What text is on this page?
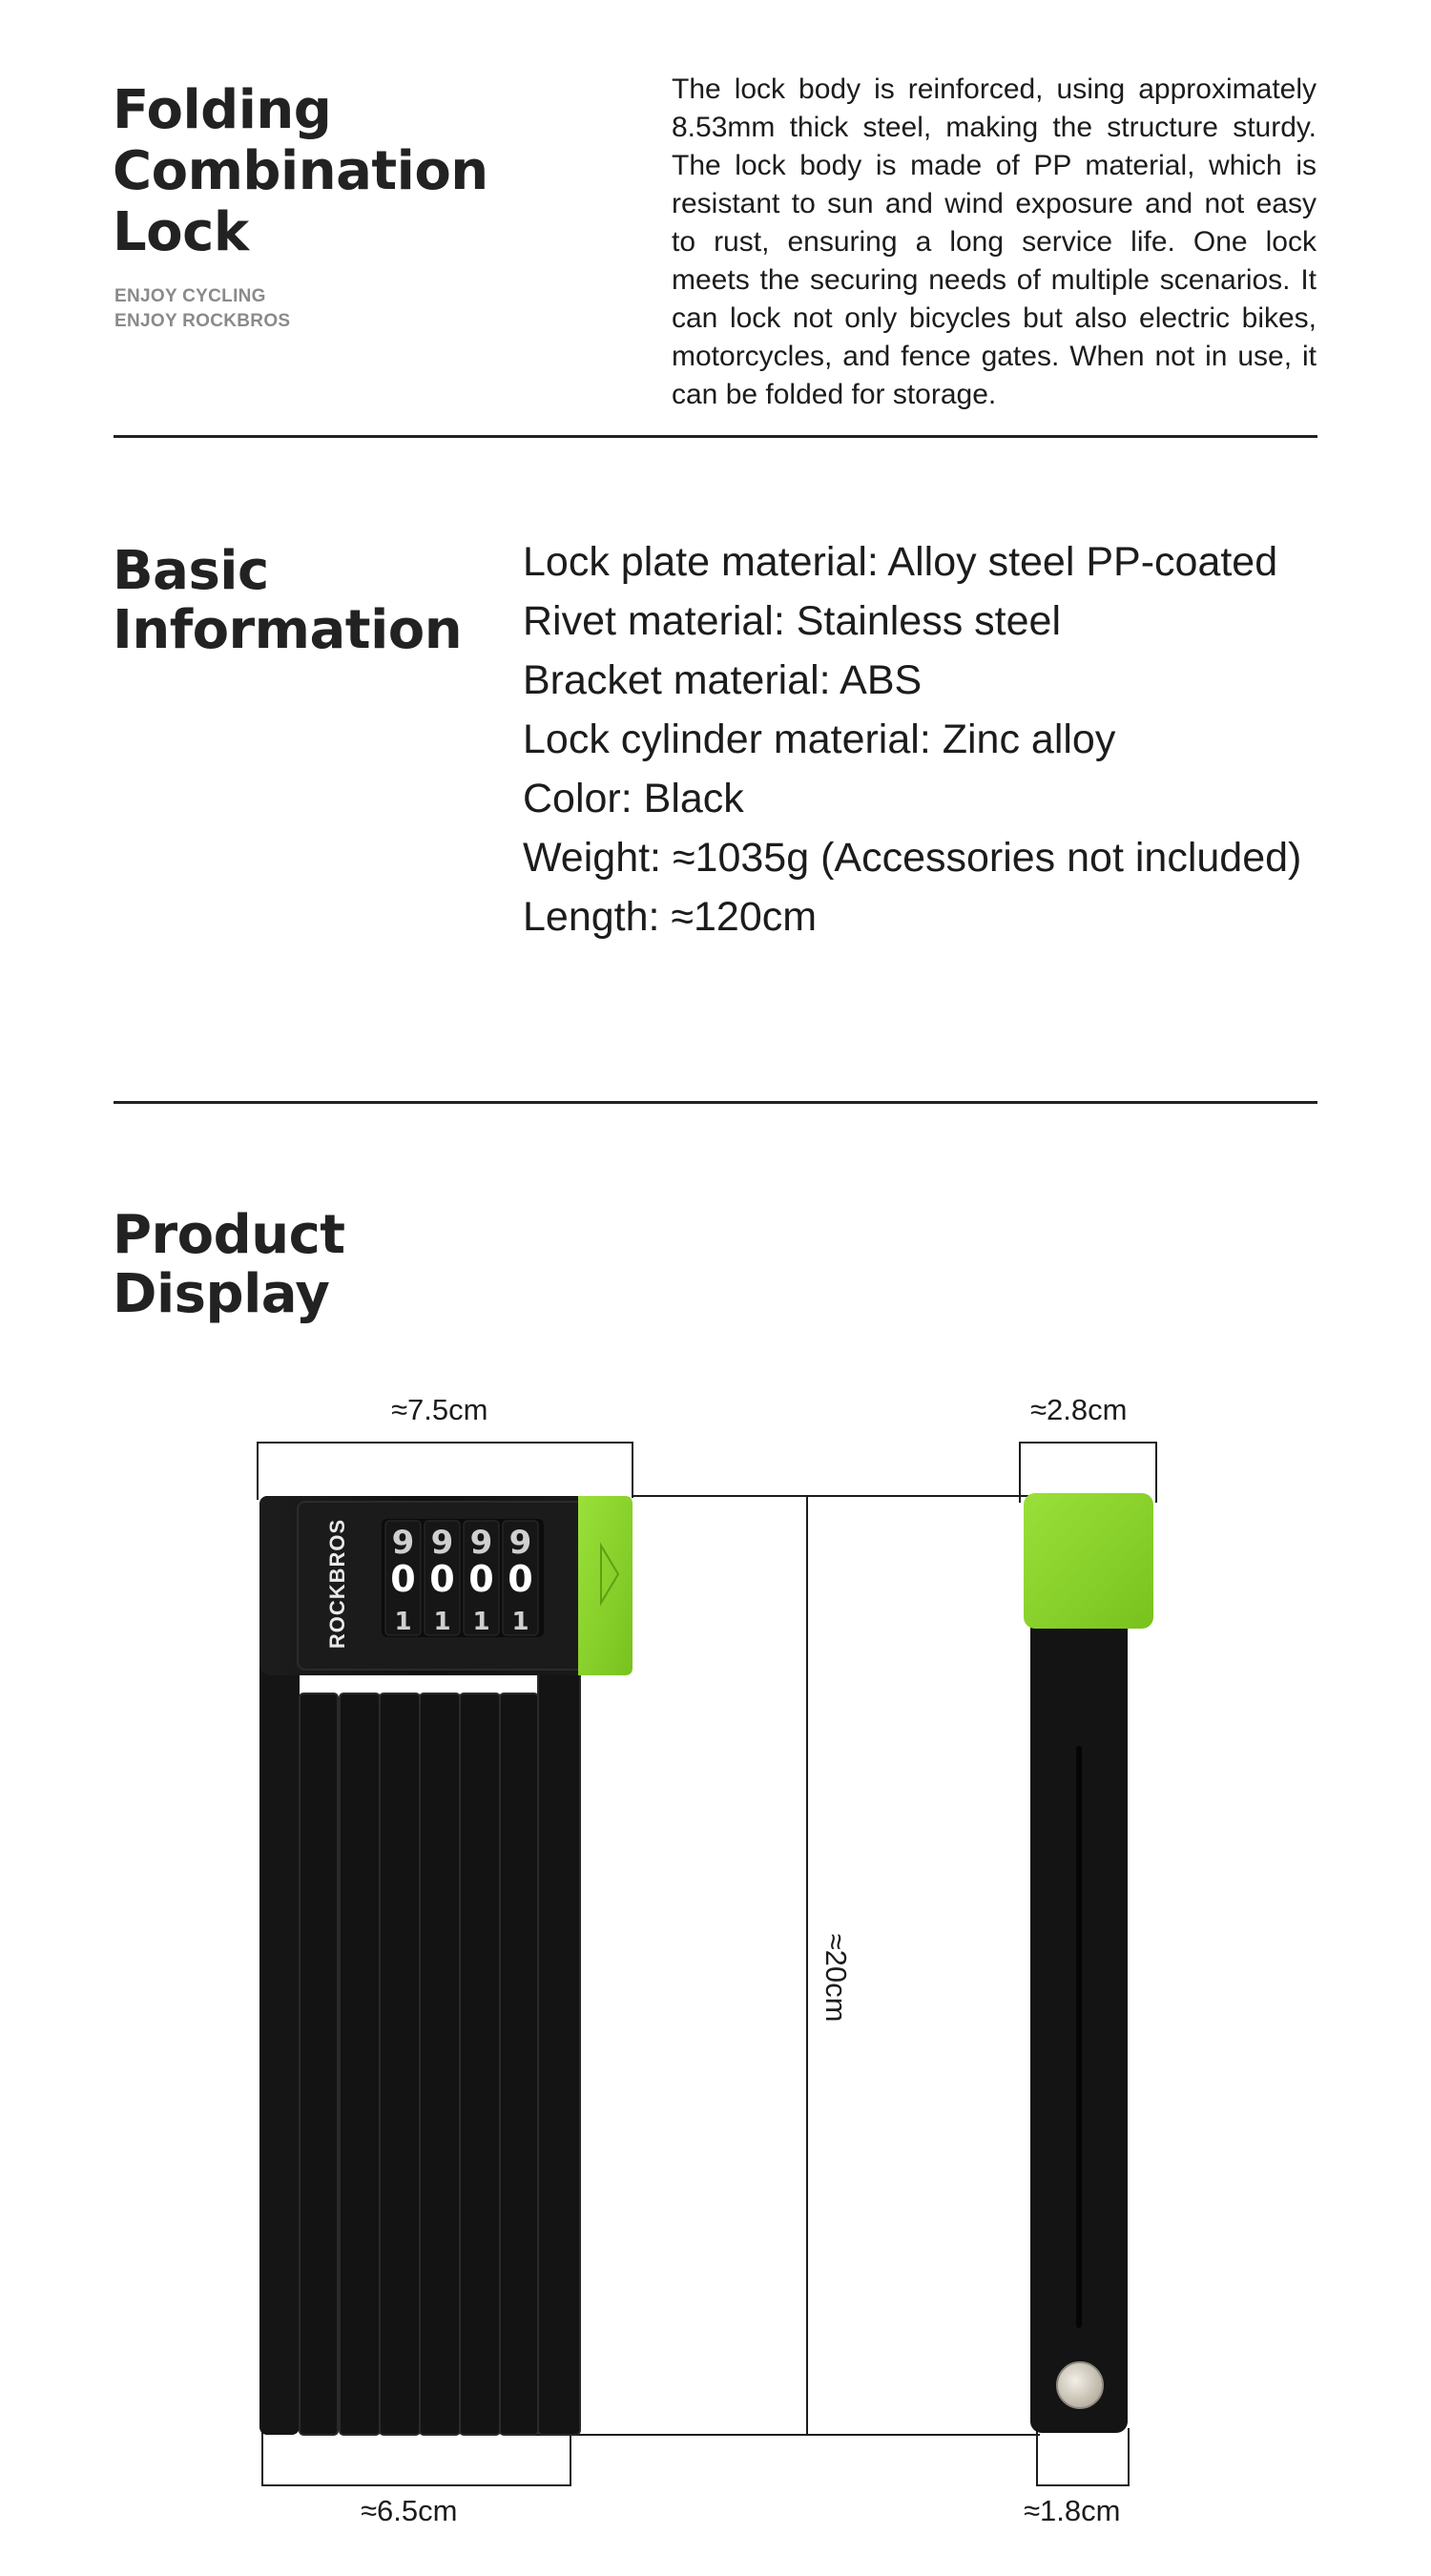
Folding
Combination Lock
ENJOY CYCLING
ENJOY ROCKBROS
The lock body is reinforced, using approximately 8.53mm thick steel, making the structure sturdy. The lock body is made of PP material, which is resistant to sun and wind exposure and not easy to rust, ensuring a long service life. One lock meets the securing needs of multiple scenarios. It can lock not only bicycles but also electric bikes, motorcycles, and fence gates. When not in use, it can be folded for storage.
Basic
Information
Lock plate material: Alloy steel PP-coated
Rivet material: Stainless steel
Bracket material: ABS
Lock cylinder material: Zinc alloy
Color: Black
Weight: ≈1035g (Accessories not included)
Length: ≈120cm
Product
Display
9
0
1
9
0
1
9
0
1
9
0
1
ROCKBROS
≈7.5cm
≈6.5cm
≈2.8cm
≈1.8cm
≈20cm
